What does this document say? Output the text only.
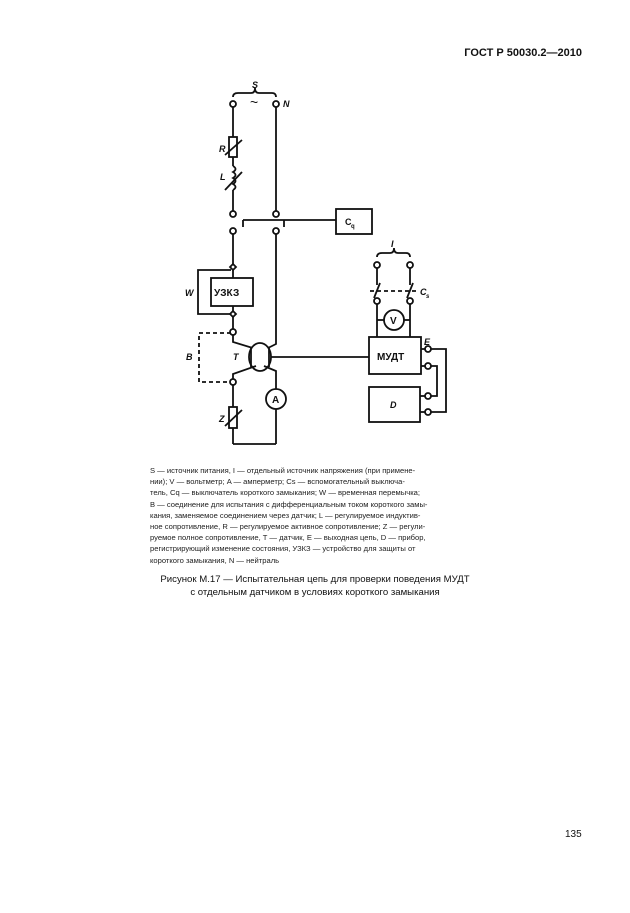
ГОСТ Р 50030.2—2010
S
~	N
R
L
C q
I
C s
W УЗКЗ
V
МУДТ
E
B	T
D
A
Z
S — источник питания, I — отдельный источник напряжения (при примене-
нии); V — вольтметр; A — амперметр; Cs — вспомогательный выключа-
тель, Cq — выключатель короткого замыкания; W — временная перемычка;
B — соединение для испытания с дифференциальным током короткого замы-
кания, заменяемое соединением через датчик; L — регулируемое индуктив-
ное сопротивление, R — регулируемое активное сопротивление; Z — регули-
руемое полное сопротивление, T — датчик, E — выходная цепь, D — прибор,
регистрирующий изменение состояния, УЗКЗ — устройство для защиты от
короткого замыкания, N — нейтраль
Рисунок М.17 — Испытательная цепь для проверки поведения МУДТ
с отдельным датчиком в условиях короткого замыкания
135
